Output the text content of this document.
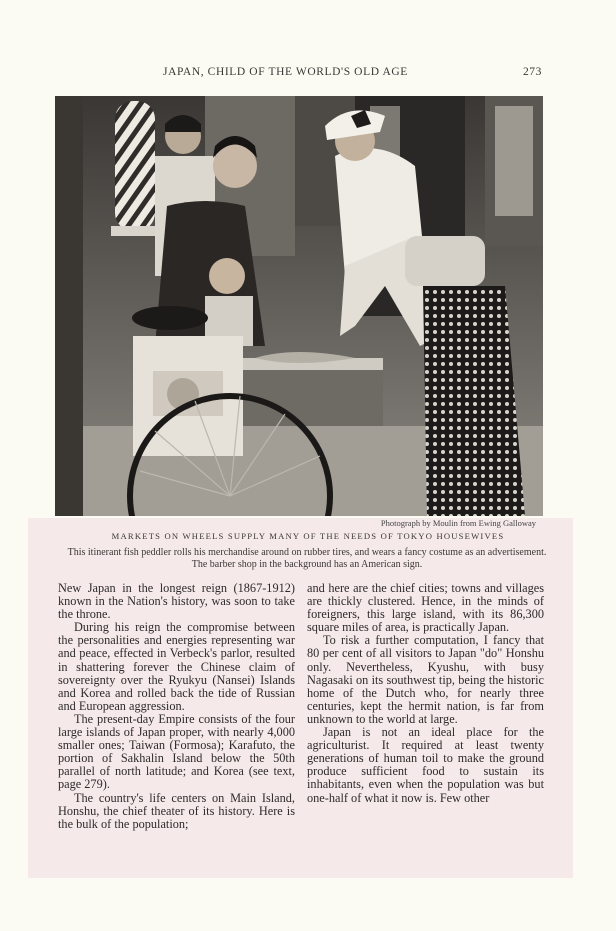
JAPAN, CHILD OF THE WORLD'S OLD AGE	273
Photograph by Moulin from Ewing Galloway
MARKETS ON WHEELS SUPPLY MANY OF THE NEEDS OF TOKYO HOUSEWIVES
This itinerant fish peddler rolls his merchandise around on rubber tires, and wears a fancy costume as an advertisement. The barber shop in the background has an American sign.

New Japan in the longest reign (1867-1912) known in the Nation's history, was soon to take the throne.

During his reign the compromise between the personalities and energies representing war and peace, effected in Verbeck's parlor, resulted in shattering forever the Chinese claim of sovereignty over the Ryukyu (Nansei) Islands and Korea and rolled back the tide of Russian and European aggression.

The present-day Empire consists of the four large islands of Japan proper, with nearly 4,000 smaller ones; Taiwan (Formosa); Karafuto, the portion of Sakhalin Island below the 50th parallel of north latitude; and Korea (see text, page 279).

The country's life centers on Main Island, Honshu, the chief theater of its history. Here is the bulk of the population;

and here are the chief cities; towns and villages are thickly clustered. Hence, in the minds of foreigners, this large island, with its 86,300 square miles of area, is practically Japan.

To risk a further computation, I fancy that 80 per cent of all visitors to Japan "do" Honshu only. Nevertheless, Kyushu, with busy Nagasaki on its southwest tip, being the historic home of the Dutch who, for nearly three centuries, kept the hermit nation, is far from unknown to the world at large.

Japan is not an ideal place for the agriculturist. It required at least twenty generations of human toil to make the ground produce sufficient food to sustain its inhabitants, even when the population was but one-half of what it now is. Few other
